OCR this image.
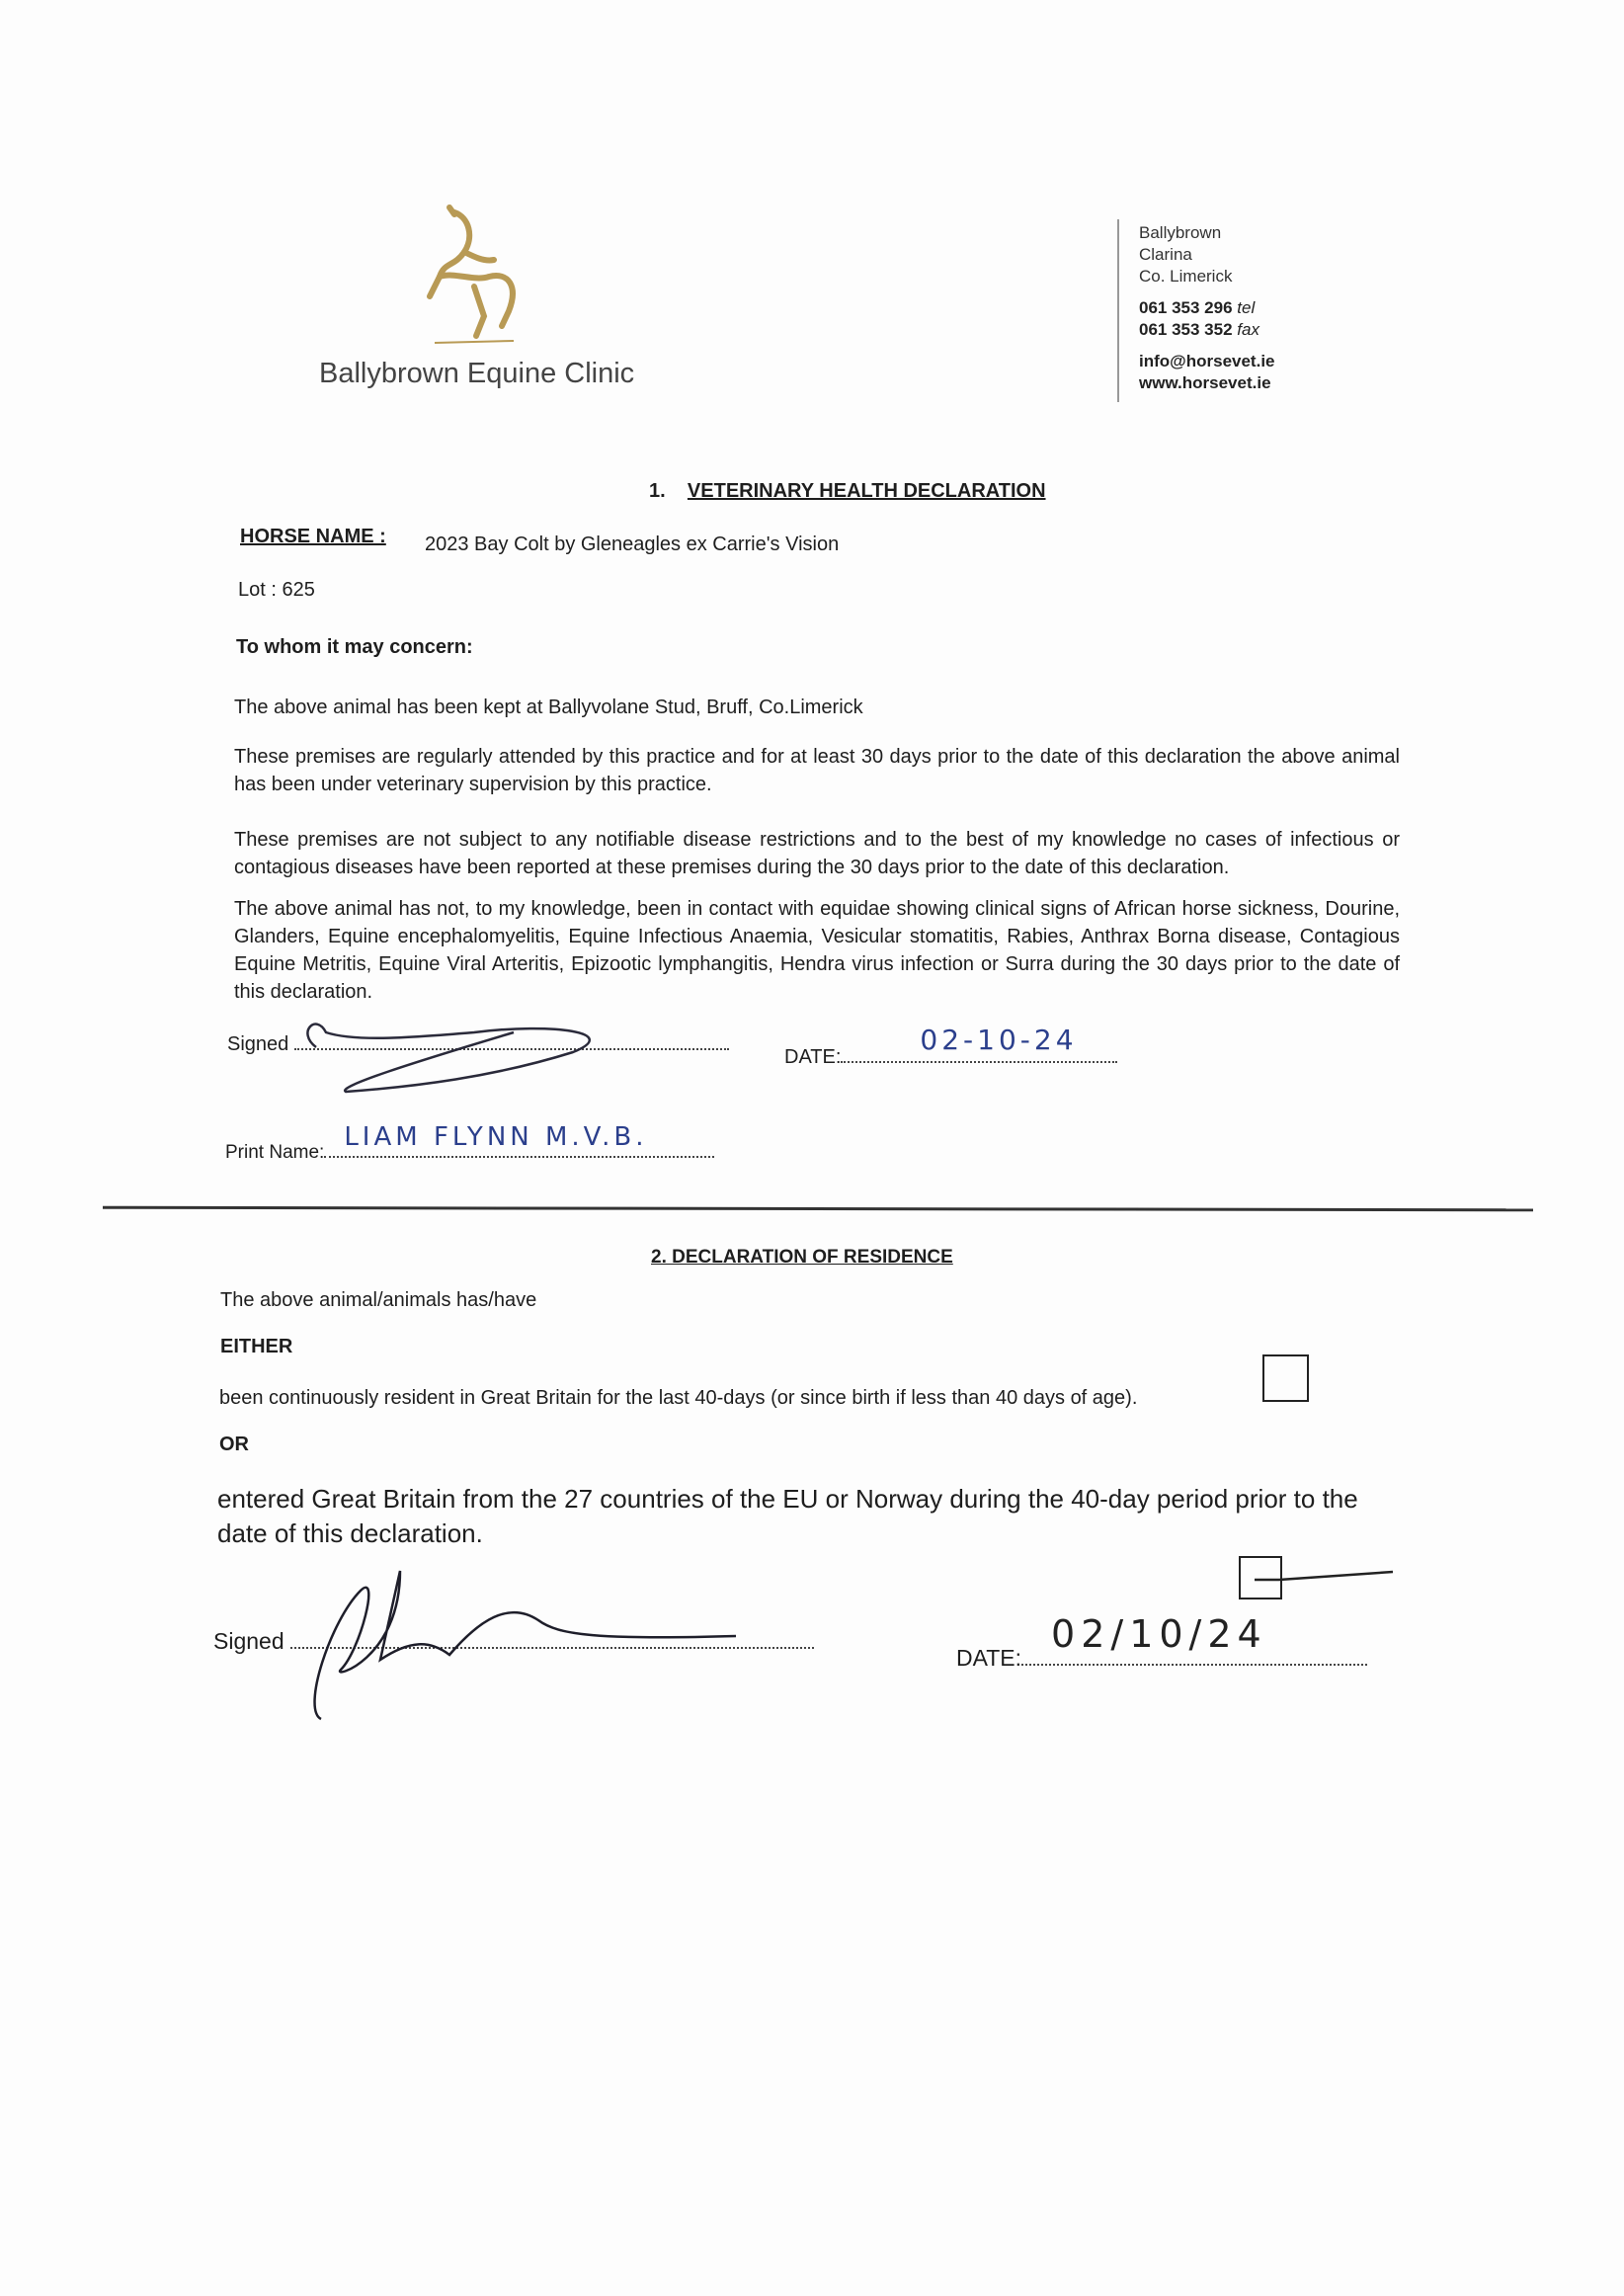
Ballybrown Equine Clinic
Ballybrown
Clarina
Co. Limerick
061 353 296 tel
061 353 352 fax
info@horsevet.ie
www.horsevet.ie
1. VETERINARY HEALTH DECLARATION
HORSE NAME : 2023 Bay Colt by Gleneagles ex Carrie's Vision
Lot : 625
To whom it may concern:
The above animal has been kept at Ballyvolane Stud, Bruff, Co.Limerick
These premises are regularly attended by this practice and for at least 30 days prior to the date of this declaration the above animal has been under veterinary supervision by this practice.
These premises are not subject to any notifiable disease restrictions and to the best of my knowledge no cases of infectious or contagious diseases have been reported at these premises during the 30 days prior to the date of this declaration.
The above animal has not, to my knowledge, been in contact with equidae showing clinical signs of African horse sickness, Dourine, Glanders, Equine encephalomyelitis, Equine Infectious Anaemia, Vesicular stomatitis, Rabies, Anthrax Borna disease, Contagious Equine Metritis, Equine Viral Arteritis, Epizootic lymphangitis, Hendra virus infection or Surra during the 30 days prior to the date of this declaration.
Signed
DATE:
02-10-24
Print Name:
LIAM FLYNN M.V.B.
2. DECLARATION OF RESIDENCE
The above animal/animals has/have
EITHER
been continuously resident in Great Britain for the last 40-days (or since birth if less than 40 days of age).
OR
entered Great Britain from the 27 countries of the EU or Norway during the 40-day period prior to the date of this declaration.
Signed
DATE:
02/10/24
